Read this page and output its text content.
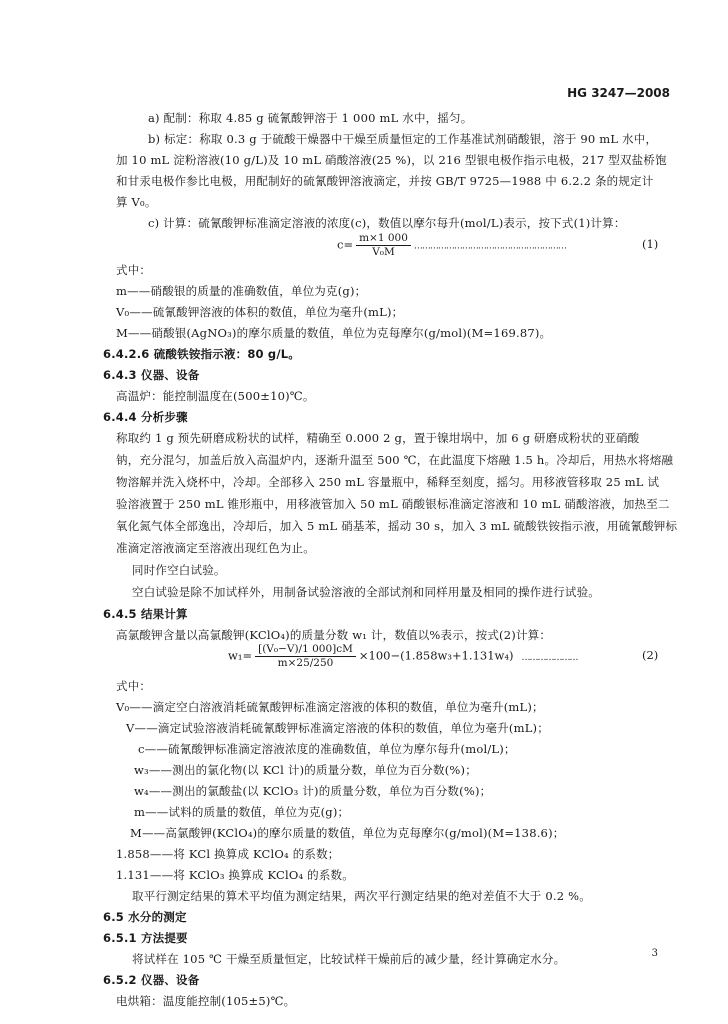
HG 3247—2008
a) 配制：称取 4.85 g 硫氰酸钾溶于 1 000 mL 水中，摇匀。
b) 标定：称取 0.3 g 于硫酸干燥器中干燥至质量恒定的工作基准试剂硝酸银，溶于 90 mL 水中，
加 10 mL 淀粉溶液(10 g/L)及 10 mL 硝酸溶液(25 %)，以 216 型银电极作指示电极，217 型双盐桥饱
和甘汞电极作参比电极，用配制好的硫氰酸钾溶液滴定，并按 GB/T 9725—1988 中 6.2.2 条的规定计
算 V₀。
c) 计算：硫氰酸钾标准滴定溶液的浓度(c)，数值以摩尔每升(mol/L)表示，按下式(1)计算：
$c= \frac{m\times 1 000}{\text{V₀M}}$ …………………………………………………	(1)
式中：
m——硝酸银的质量的准确数值，单位为克(g)；
V₀——硫氰酸钾溶液的体积的数值，单位为毫升(mL)；
M——硝酸银(AgNO₃)的摩尔质量的数值，单位为克每摩尔(g/mol)(M=169.87)。
6.4.2.6 硫酸铁铵指示液：80 g/L。
6.4.3 仪器、设备
高温炉：能控制温度在(500±10)℃。
6.4.4 分析步骤
称取约 1 g 预先研磨成粉状的试样，精确至 0.000 2 g，置于镍坩埚中，加 6 g 研磨成粉状的亚硝酸
钠，充分混匀，加盖后放入高温炉内，逐渐升温至 500 ℃，在此温度下熔融 1.5 h。冷却后，用热水将熔融
物溶解并洗入烧杯中，冷却。全部移入 250 mL 容量瓶中，稀释至刻度，摇匀。用移液管移取 25 mL 试
验溶液置于 250 mL 锥形瓶中，用移液管加入 50 mL 硝酸银标准滴定溶液和 10 mL 硝酸溶液，加热至二
氧化氮气体全部逸出，冷却后，加入 5 mL 硝基苯，摇动 30 s，加入 3 mL 硫酸铁铵指示液，用硫氰酸钾标
准滴定溶液滴定至溶液出现红色为止。
同时作空白试验。
空白试验是除不加试样外，用制备试验溶液的全部试剂和同样用量及相同的操作进行试验。
6.4.5 结果计算
高氯酸钾含量以高氯酸钾(KClO₄)的质量分数 w₁ 计，数值以%表示，按式(2)计算：
$w_1= \frac{\text{[(V₀−V)/1 000]cM}}{m\times 25/250} \times 100-(1.858w_3+1.131w_4)$ …………………	(2)
式中：
V₀——滴定空白溶液消耗硫氰酸钾标准滴定溶液的体积的数值，单位为毫升(mL)；
V——滴定试验溶液消耗硫氰酸钾标准滴定溶液的体积的数值，单位为毫升(mL)；
c——硫氰酸钾标准滴定溶液浓度的准确数值，单位为摩尔每升(mol/L)；
w₃——测出的氯化物(以 KCl 计)的质量分数，单位为百分数(%)；
w₄——测出的氯酸盐(以 KClO₃ 计)的质量分数，单位为百分数(%)；
m——试料的质量的数值，单位为克(g)；
M——高氯酸钾(KClO₄)的摩尔质量的数值，单位为克每摩尔(g/mol)(M=138.6)；
1.858——将 KCl 换算成 KClO₄ 的系数；
1.131——将 KClO₃ 换算成 KClO₄ 的系数。
取平行测定结果的算术平均值为测定结果，两次平行测定结果的绝对差值不大于 0.2 %。
6.5 水分的测定
6.5.1 方法提要
将试样在 105 ℃ 干燥至质量恒定，比较试样干燥前后的减少量，经计算确定水分。
6.5.2 仪器、设备
电烘箱：温度能控制(105±5)℃。
3
